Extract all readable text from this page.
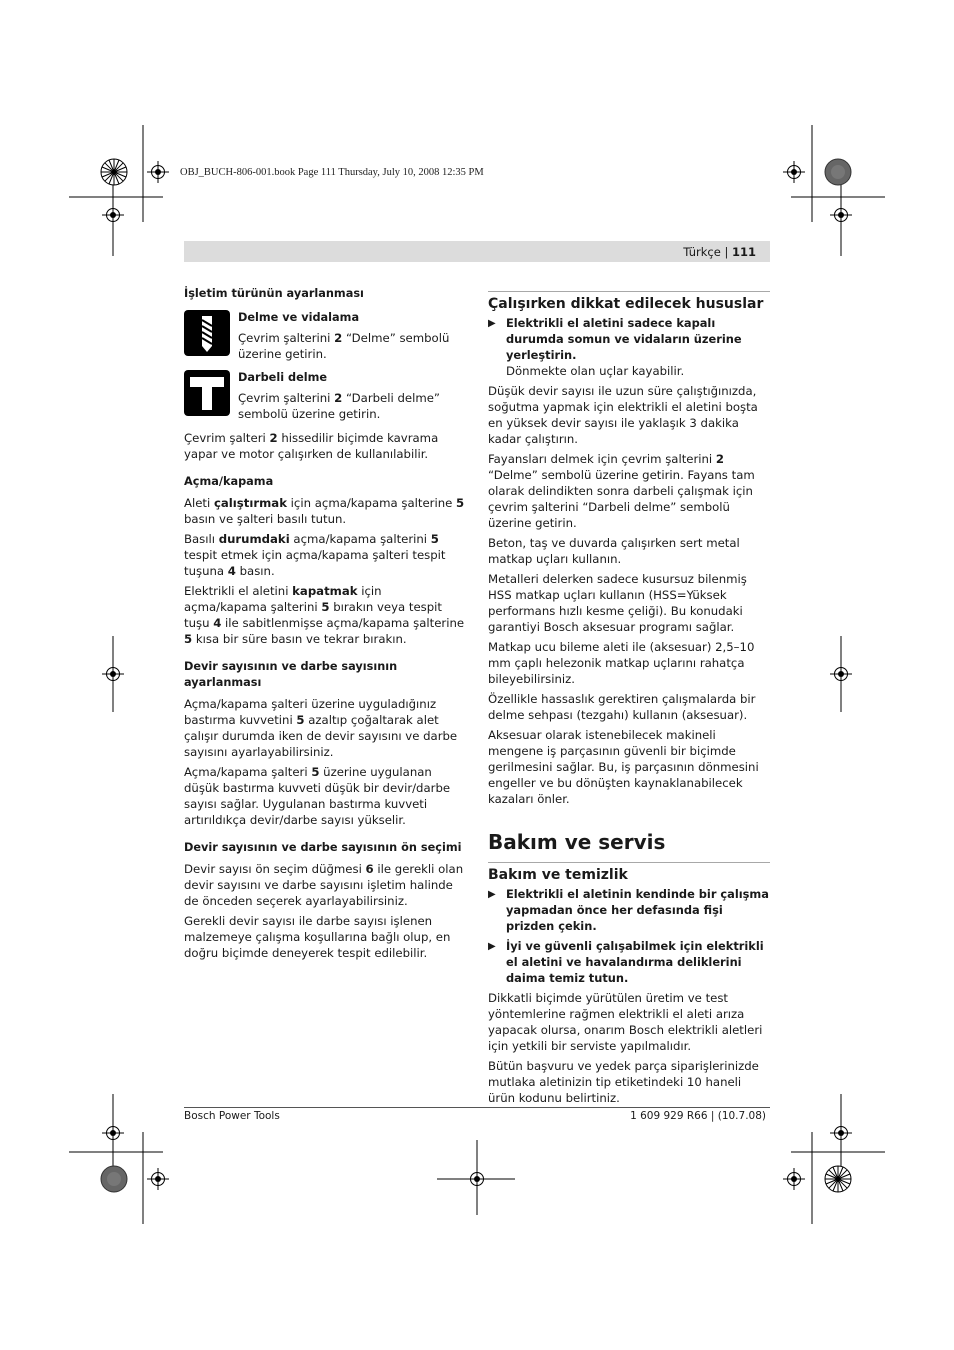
OBJ_BUCH-806-001.book Page 111 Thursday, July 10, 2008 12:35 PM
Türkçe | 111
İşletim türünün ayarlanması
Delme ve vidalama

Çevrim şalterini 2 “Delme” sembolü üzerine getirin.

Darbeli delme

Çevrim şalterini 2 “Darbeli delme” sembolü üzerine getirin.

Çevrim şalteri 2 hissedilir biçimde kavrama yapar ve motor çalışırken de kullanılabilir.

Açma/kapama

Aleti çalıştırmak için açma/kapama şalterine 5 basın ve şalteri basılı tutun.

Basılı durumdaki açma/kapama şalterini 5 tespit etmek için açma/kapama şalteri tespit tuşuna 4 basın.

Elektrikli el aletini kapatmak için açma/kapama şalterini 5 bırakın veya tespit tuşu 4 ile sabitlenmişse açma/kapama şalterine 5 kısa bir süre basın ve tekrar bırakın.

Devir sayısının ve darbe sayısının ayarlanması

Açma/kapama şalteri üzerine uyguladığınız bastırma kuvvetini 5 azaltıp çoğaltarak alet çalışır durumda iken de devir sayısını ve darbe sayısını ayarlayabilirsiniz.

Açma/kapama şalteri 5 üzerine uygulanan düşük bastırma kuvveti düşük bir devir/darbe sayısı sağlar. Uygulanan bastırma kuvveti artırıldıkça devir/darbe sayısı yükselir.

Devir sayısının ve darbe sayısının ön seçimi

Devir sayısı ön seçim düğmesi 6 ile gerekli olan devir sayısını ve darbe sayısını işletim halinde de önceden seçerek ayarlayabilirsiniz.

Gerekli devir sayısı ile darbe sayısı işlenen malzemeye çalışma koşullarına bağlı olup, en doğru biçimde deneyerek tespit edilebilir.

Çalışırken dikkat edilecek hususlar
▶ Elektrikli el aletini sadece kapalı durumda somun ve vidaların üzerine yerleştirin.

Dönmekte olan uçlar kayabilir.

Düşük devir sayısı ile uzun süre çalıştığınızda, soğutma yapmak için elektrikli el aletini boşta en yüksek devir sayısı ile yaklaşık 3 dakika kadar çalıştırın.

Fayansları delmek için çevrim şalterini 2 “Delme” sembolü üzerine getirin. Fayans tam olarak delindikten sonra darbeli çalışmak için çevrim şalterini “Darbeli delme” sembolü üzerine getirin.

Beton, taş ve duvarda çalışırken sert metal matkap uçları kullanın.

Metalleri delerken sadece kusursuz bilenmiş HSS matkap uçları kullanın (HSS=Yüksek performans hızlı kesme çeliği). Bu konudaki garantiyi Bosch aksesuar programı sağlar.

Matkap ucu bileme aleti ile (aksesuar) 2,5–10 mm çaplı helezonik matkap uçlarını rahatça bileyebilirsiniz.

Özellikle hassaslık gerektiren çalışmalarda bir delme sehpası (tezgahı) kullanın (aksesuar).

Aksesuar olarak istenebilecek makineli mengene iş parçasının güvenli bir biçimde gerilmesini sağlar. Bu, iş parçasının dönmesini engeller ve bu dönüşten kaynaklanabilecek kazaları önler.

Bakım ve servis
Bakım ve temizlik
▶ Elektrikli el aletinin kendinde bir çalışma yapmadan önce her defasında fişi prizden çekin.
▶ İyi ve güvenli çalışabilmek için elektrikli el aletini ve havalandırma deliklerini daima temiz tutun.

Dikkatli biçimde yürütülen üretim ve test yöntemlerine rağmen elektrikli el aleti arıza yapacak olursa, onarım Bosch elektrikli aletleri için yetkili bir serviste yapılmalıdır.

Bütün başvuru ve yedek parça siparişlerinizde mutlaka aletinizin tip etiketindeki 10 haneli ürün kodunu belirtiniz.

Bosch Power Tools	1 609 929 R66 | (10.7.08)
